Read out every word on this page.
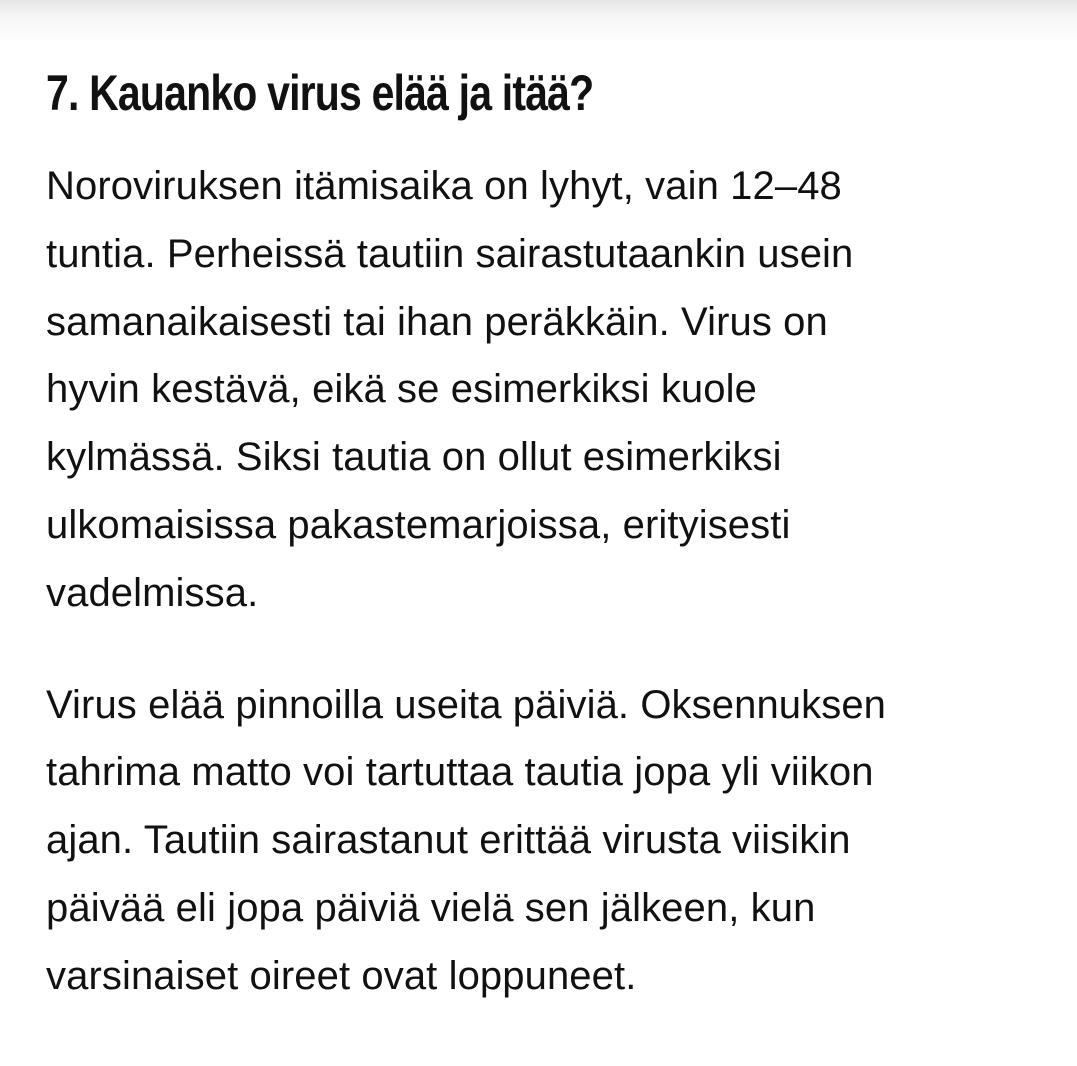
7. Kauanko virus elää ja itää?

Noroviruksen itämisaika on lyhyt, vain 12–48
tuntia. Perheissä tautiin sairastutaankin usein
samanaikaisesti tai ihan peräkkäin. Virus on
hyvin kestävä, eikä se esimerkiksi kuole
kylmässä. Siksi tautia on ollut esimerkiksi
ulkomaisissa pakastemarjoissa, erityisesti
vadelmissa.

Virus elää pinnoilla useita päiviä. Oksennuksen
tahrima matto voi tartuttaa tautia jopa yli viikon
ajan. Tautiin sairastanut erittää virusta viisikin
päivää eli jopa päiviä vielä sen jälkeen, kun
varsinaiset oireet ovat loppuneet.
